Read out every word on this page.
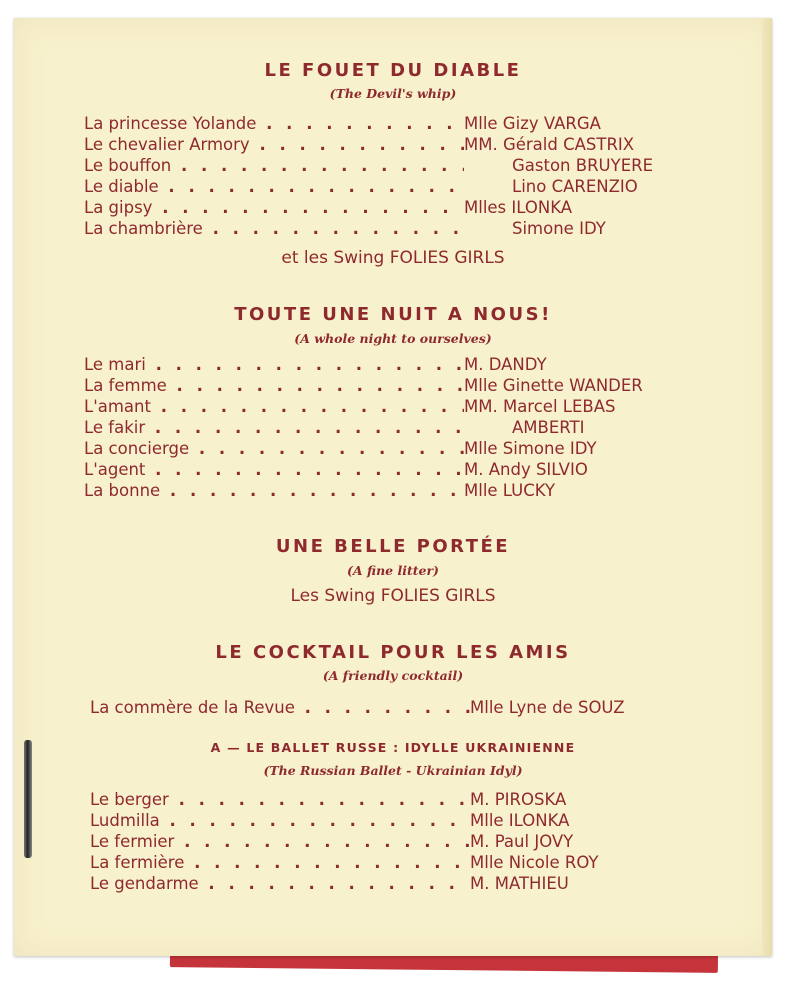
LE FOUET DU DIABLE

(The Devil's whip)

La princesse Yolande . . .	Mlle Gizy VARGA
Le chevalier Armory . . .	MM. Gérald CASTRIX
Le bouffon . . .	Gaston BRUYERE
Le diable . . .	Lino CARENZIO
La gipsy . . .	Mlles ILONKA
La chambrière . . .	Simone IDY

et les Swing FOLIES GIRLS

TOUTE UNE NUIT A NOUS!

(A whole night to ourselves)

Le mari . . .	M. DANDY
La femme . . .	Mlle Ginette WANDER
L'amant . . .	MM. Marcel LEBAS
Le fakir . . .	AMBERTI
La concierge . . .	Mlle Simone IDY
L'agent . . .	M. Andy SILVIO
La bonne . . .	Mlle LUCKY
UNE BELLE PORTÉE

(A fine litter)

Les Swing FOLIES GIRLS

LE COCKTAIL POUR LES AMIS

(A friendly cocktail)

La commère de la Revue . . .	Mlle Lyne de SOUZ
A — LE BALLET RUSSE : IDYLLE UKRAINIENNE

(The Russian Ballet - Ukrainian Idyl)

Le berger . . .	M. PIROSKA
Ludmilla . . .	Mlle ILONKA
Le fermier . . .	M. Paul JOVY
La fermière . . .	Mlle Nicole ROY
Le gendarme . . .	M. MATHIEU
